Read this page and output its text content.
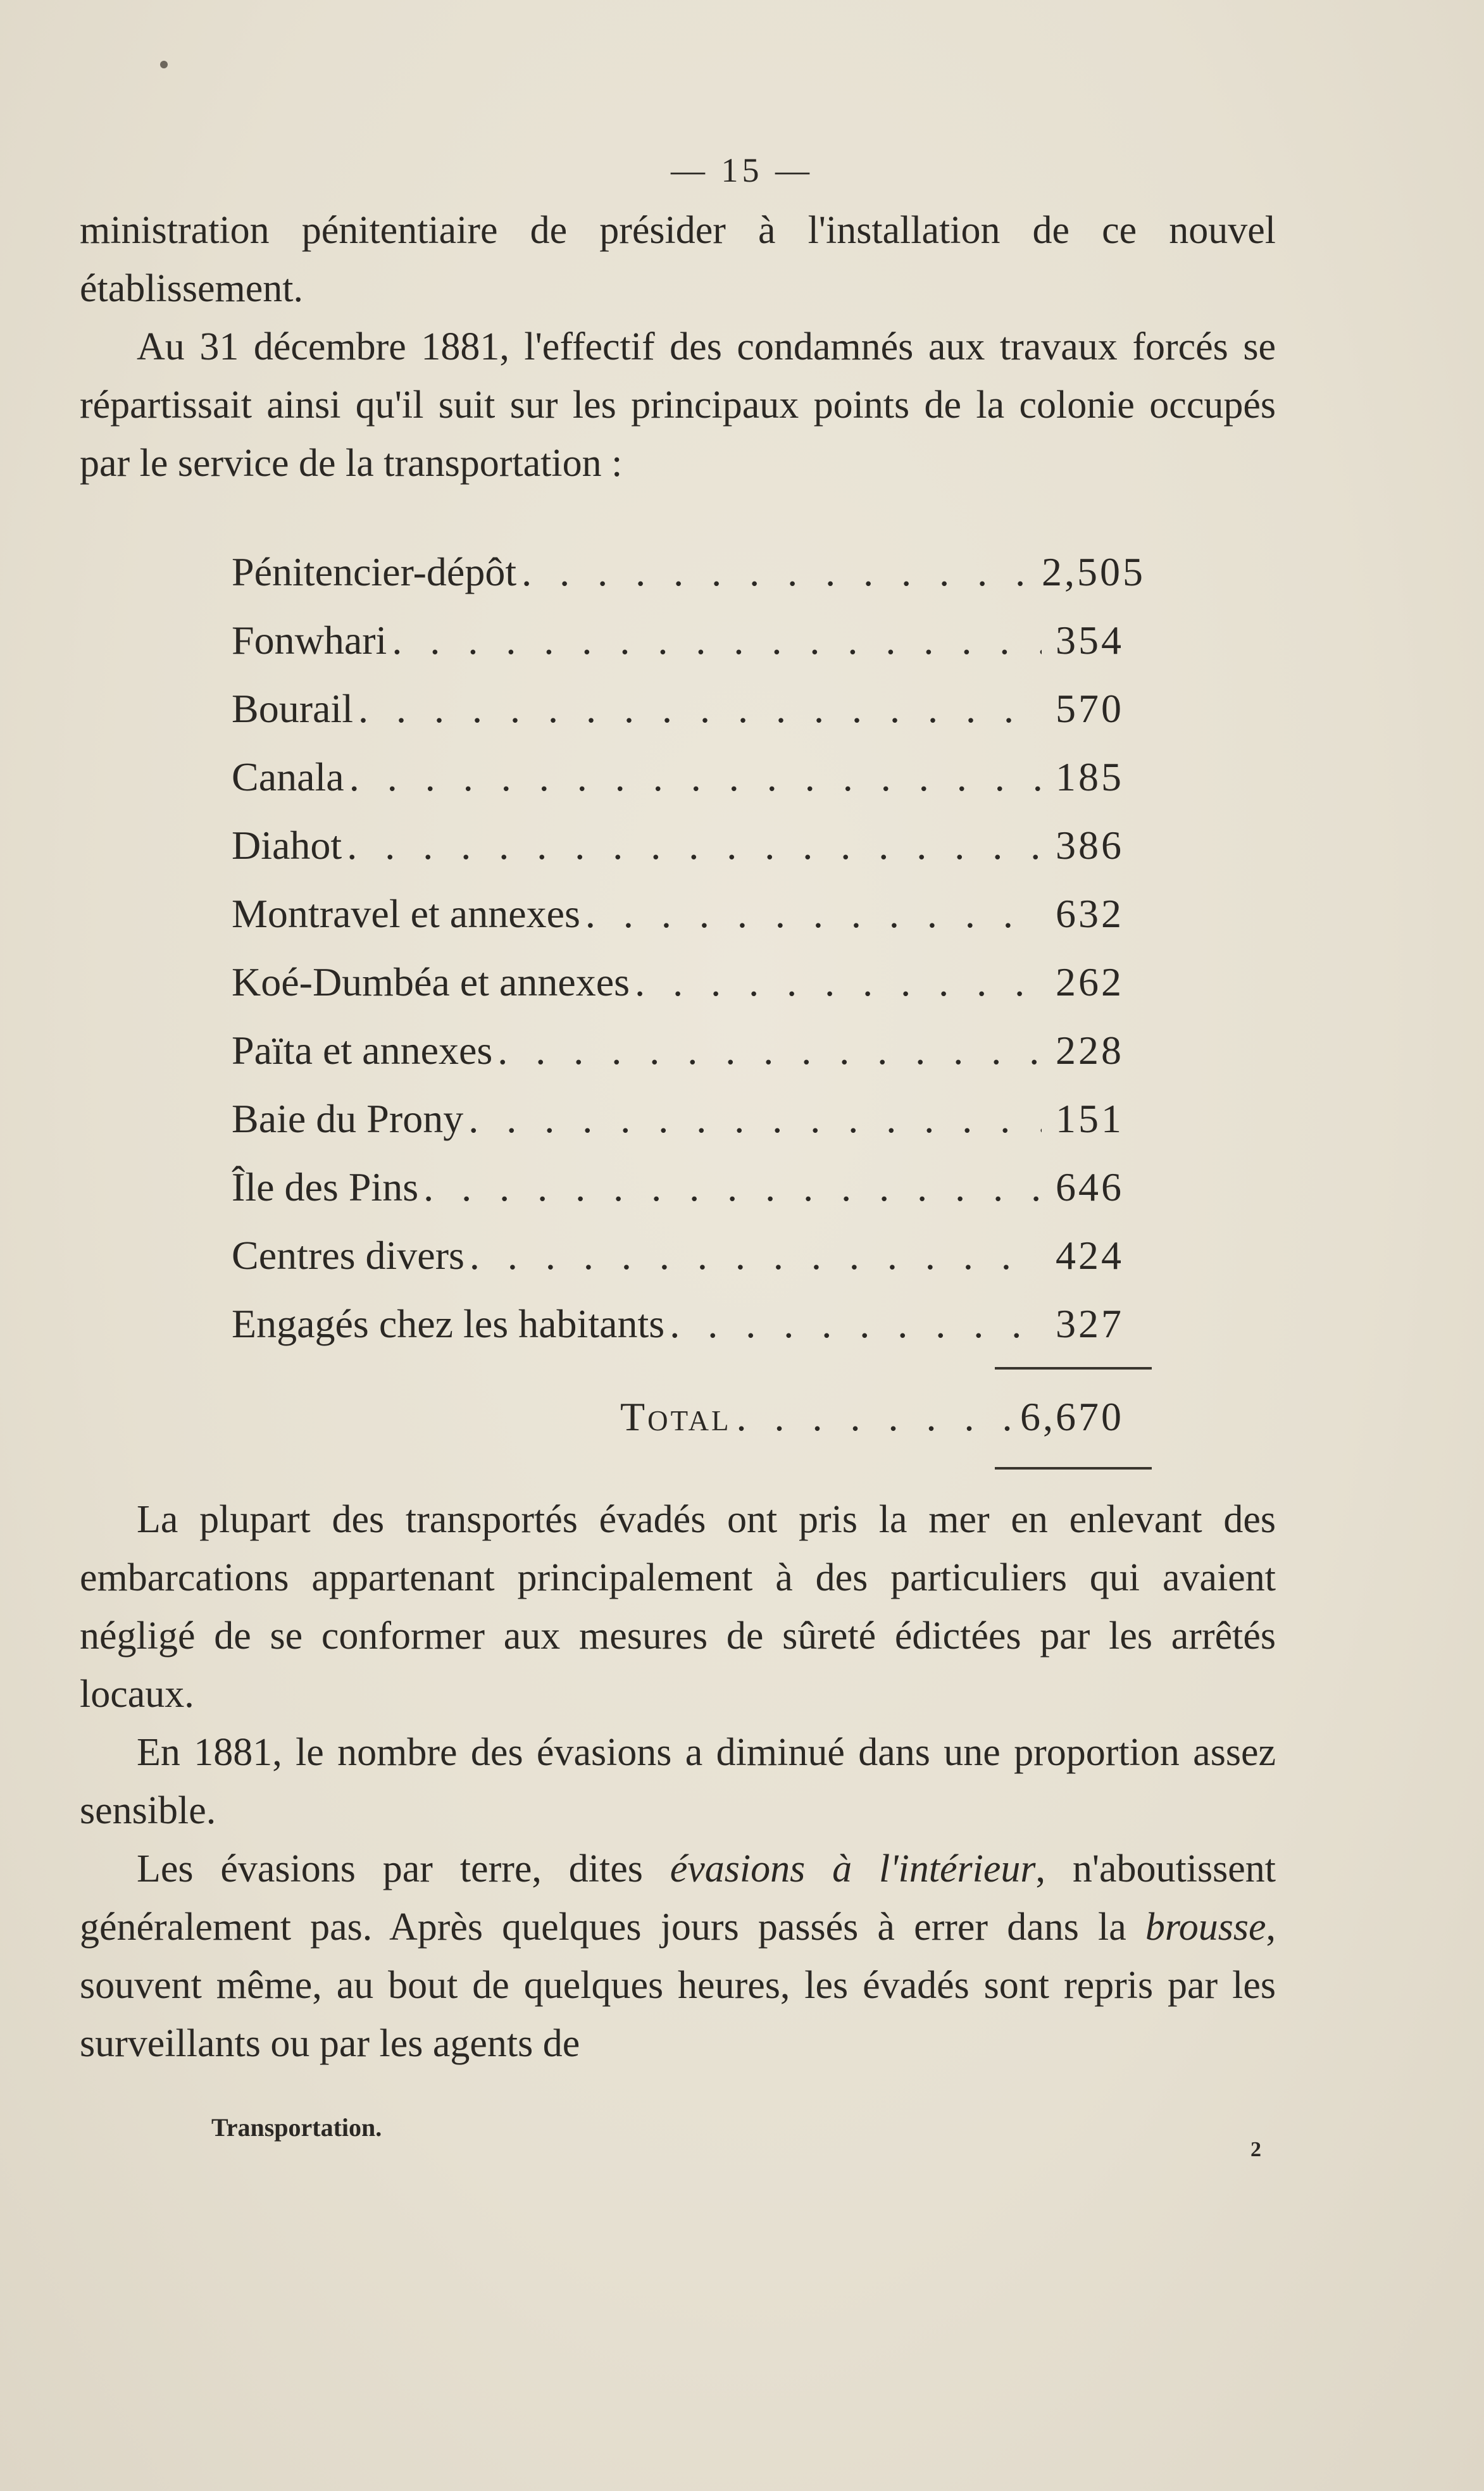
— 15 —

ministration pénitentiaire de présider à l'installation de ce nouvel établissement.

Au 31 décembre 1881, l'effectif des condamnés aux travaux forcés se répartissait ainsi qu'il suit sur les principaux points de la colonie occupés par le service de la transportation :

Pénitencier-dépôt . . .	2,505
Fonwhari . . .	354
Bourail . . .	570
Canala . . .	185
Diahot . . .	386
Montravel et annexes . . .	632
Koé-Dumbéa et annexes . . .	262
Païta et annexes . . .	228
Baie du Prony . . .	151
Île des Pins . . .	646
Centres divers . . .	424
Engagés chez les habitants . . .	327
Total . . .	6,670

La plupart des transportés évadés ont pris la mer en enlevant des embarcations appartenant principalement à des particuliers qui avaient négligé de se conformer aux mesures de sûreté édictées par les arrêtés locaux.

En 1881, le nombre des évasions a diminué dans une proportion assez sensible.

Les évasions par terre, dites évasions à l'intérieur, n'aboutissent généralement pas. Après quelques jours passés à errer dans la brousse, souvent même, au bout de quelques heures, les évadés sont repris par les surveillants ou par les agents de

Transportation.
2
